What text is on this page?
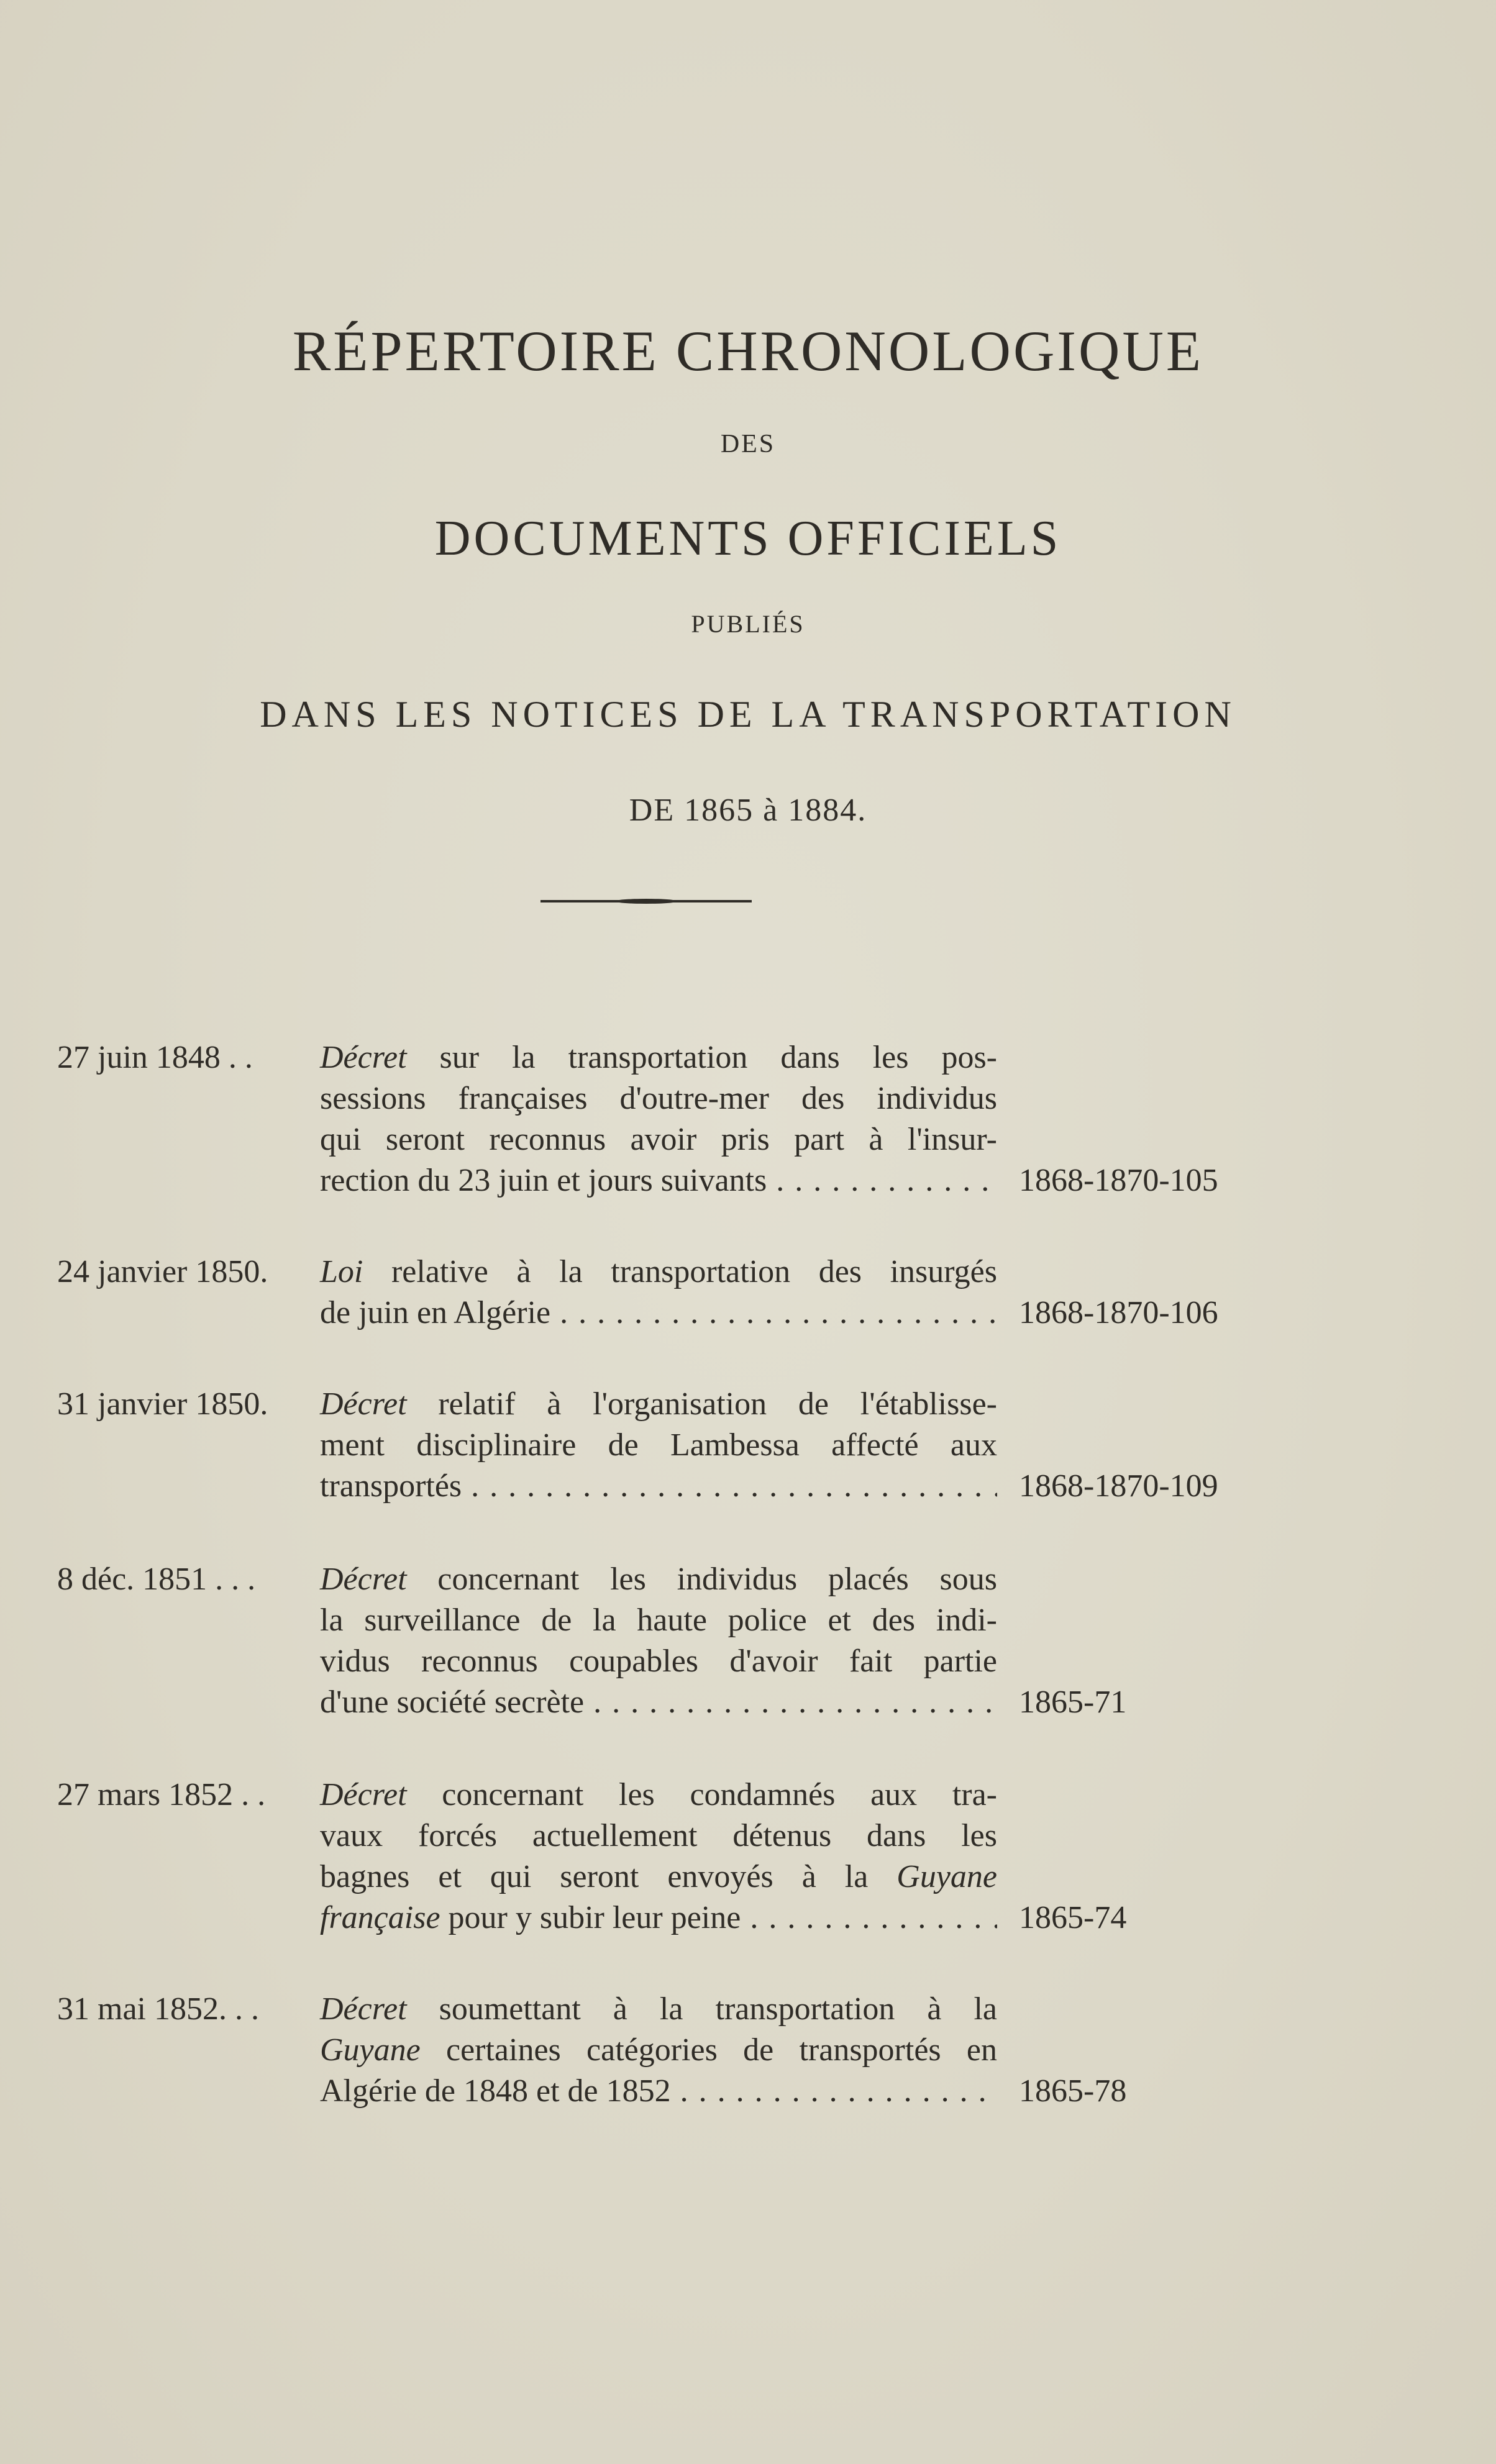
RÉPERTOIRE CHRONOLOGIQUE
DES
DOCUMENTS OFFICIELS
PUBLIÉS
DANS LES NOTICES DE LA TRANSPORTATION
DE 1865 à 1884.
27 juin 1848 . . Décret sur la transportation dans les pos-
sessions françaises d'outre-mer des individus
qui seront reconnus avoir pris part à l'insur-
rection du 23 juin et jours suivants . . .	1868-1870-105
24 janvier 1850. Loi relative à la transportation des insurgés
de juin en Algérie . . .	1868-1870-106
31 janvier 1850. Décret relatif à l'organisation de l'établisse-
ment disciplinaire de Lambessa affecté aux
transportés . . .	1868-1870-109
8 déc. 1851 . . . Décret concernant les individus placés sous
la surveillance de la haute police et des indi-
vidus reconnus coupables d'avoir fait partie
d'une société secrète . . .	1865-71
27 mars 1852 . . Décret concernant les condamnés aux tra-
vaux forcés actuellement détenus dans les
bagnes et qui seront envoyés à la Guyane
française pour y subir leur peine . . .	1865-74
31 mai 1852. . . Décret soumettant à la transportation à la
Guyane certaines catégories de transportés en
Algérie de 1848 et de 1852 . . .	1865-78
